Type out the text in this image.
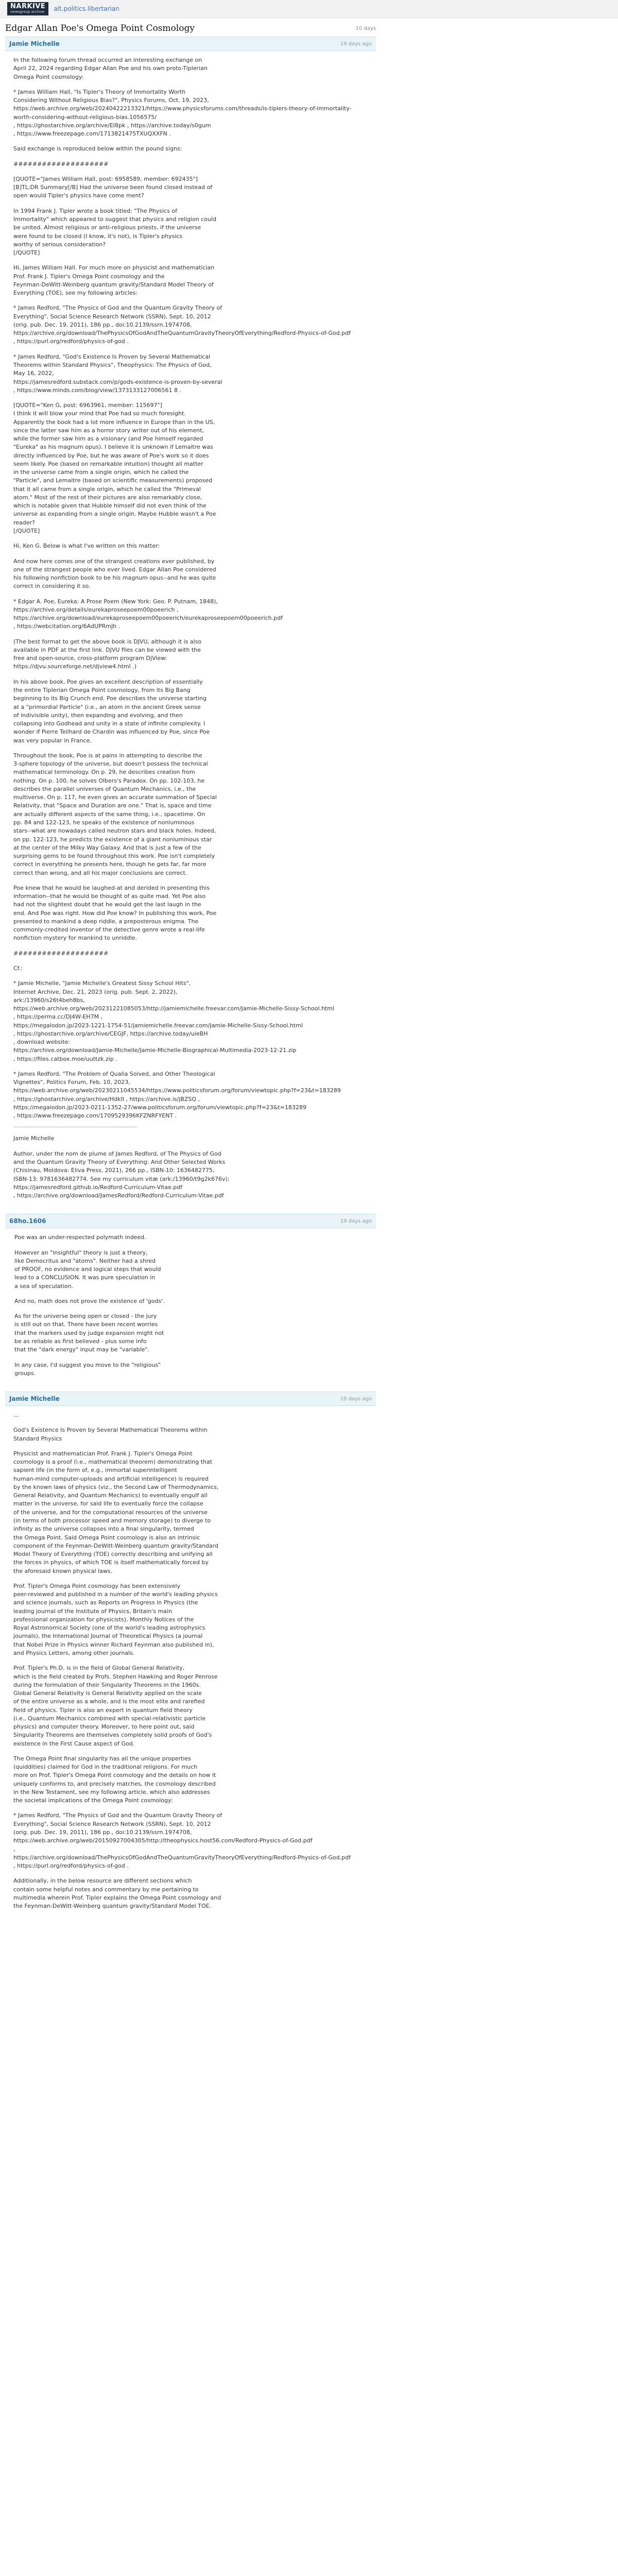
NARKIVE
newsgroup archive alt.politics.libertarian
Edgar Allan Poe's Omega Point Cosmology	10 days
Jamie Michelle	19 days ago

In the following forum thread occurred an interesting exchange on
April 22, 2024 regarding Edgar Allan Poe and his own proto-Tiplerian
Omega Point cosmology:

* James William Hall, "Is Tipler's Theory of Immortality Worth
Considering Without Religious Bias?", Physics Forums, Oct. 19, 2023,
https://web.archive.org/web/20240422213321/https://www.physicsforums.com/threads/is-tiplers-theory-of-immortality-worth-considering-without-religious-bias.1056575/
, https://ghostarchive.org/archive/EI8pk , https://archive.today/s0gum
, https://www.freezepage.com/1713821475TXUQXXFN .

Said exchange is reproduced below within the pound signs:

####################

[QUOTE="James William Hall, post: 6958589, member: 692435"]
[B]TL;DR Summary[/B] Had the universe been found closed instead of
open would Tipler's physics have come ment?

In 1994 Frank J. Tipler wrote a book titled: "The Physics of
Immortality" which appeared to suggest that physics and religion could
be united. Almost religious or anti-religious priests, if the universe
were found to be closed (I know, it's not), is Tipler's physics
worthy of serious consideration?
[/QUOTE]

Hi, James William Hall. For much more on physicist and mathematician
Prof. Frank J. Tipler's Omega Point cosmology and the
Feynman-DeWitt-Weinberg quantum gravity/Standard Model Theory of
Everything (TOE), see my following articles:

* James Redford, "The Physics of God and the Quantum Gravity Theory of
Everything", Social Science Research Network (SSRN), Sept. 10, 2012
(orig. pub. Dec. 19, 2011), 186 pp., doi:10.2139/ssrn.1974708,
https://archive.org/download/ThePhysicsOfGodAndTheQuantumGravityTheoryOfEverything/Redford-Physics-of-God.pdf
, https://purl.org/redford/physics-of-god .

* James Redford, "God's Existence Is Proven by Several Mathematical
Theorems within Standard Physics", Theophysics: The Physics of God,
May 16, 2022,
https://jamesredford.substack.com/p/gods-existence-is-proven-by-several
, https://www.minds.com/blog/view/1373133127006561 8 .

[QUOTE="Ken G, post: 6963961, member: 115697"]
I think it will blow your mind that Poe had so much foresight.
Apparently the book had a lot more influence in Europe than in the US,
since the latter saw him as a horror story writer out of his element,
while the former saw him as a visionary (and Poe himself regarded
"Eureka" as his magnum opus). I believe it is unknown if Lemaitre was
directly influenced by Poe, but he was aware of Poe's work so it does
seem likely. Poe (based on remarkable intuition) thought all matter
in the universe came from a single origin, which he called the
"Particle", and Lemaitre (based on scientific measurements) proposed
that it all came from a single origin, which he called the "Primeval
atom." Most of the rest of their pictures are also remarkably close,
which is notable given that Hubble himself did not even think of the
universe as expanding from a single origin. Maybe Hubble wasn't a Poe
reader?
[/QUOTE]

Hi, Ken G. Below is what I've written on this matter:

And now here comes one of the strangest creations ever published, by
one of the strangest people who ever lived. Edgar Allan Poe considered
his following nonfiction book to be his magnum opus--and he was quite
correct in considering it so.

* Edgar A. Poe, Eureka: A Prose Poem (New York: Geo. P. Putnam, 1848),
https://archive.org/details/eurekaproseepoem00poeerich ,
https://archive.org/download/eurekaproseepoem00poeerich/eurekaproseepoem00poeerich.pdf
, https://webcitation.org/6AdUPRmJh .

(The best format to get the above book is DJVU, although it is also
available in PDF at the first link. DJVU files can be viewed with the
free and open-source, cross-platform program DjView:
https://djvu.sourceforge.net/djview4.html .)

In his above book, Poe gives an excellent description of essentially
the entire Tiplerian Omega Point cosmology, from its Big Bang
beginning to its Big Crunch end. Poe describes the universe starting
at a "primordial Particle" (i.e., an atom in the ancient Greek sense
of indivisible unity), then expanding and evolving, and then
collapsing into Godhead and unity in a state of infinite complexity. I
wonder if Pierre Teilhard de Chardin was influenced by Poe, since Poe
was very popular in France.

Throughout the book, Poe is at pains in attempting to describe the
3-sphere topology of the universe, but doesn't possess the technical
mathematical terminology. On p. 29, he describes creation from
nothing. On p. 100, he solves Olbers's Paradox. On pp. 102-103, he
describes the parallel universes of Quantum Mechanics, i.e., the
multiverse. On p. 117, he even gives an accurate summation of Special
Relativity, that "Space and Duration are one." That is, space and time
are actually different aspects of the same thing, i.e., spacetime. On
pp. 84 and 122-123, he speaks of the existence of nonluminous
stars--what are nowadays called neutron stars and black holes. Indeed,
on pp. 122-123, he predicts the existence of a giant nonluminous star
at the center of the Milky Way Galaxy. And that is just a few of the
surprising gems to be found throughout this work. Poe isn't completely
correct in everything he presents here, though he gets far, far more
correct than wrong, and all his major conclusions are correct.

Poe knew that he would be laughed-at and derided in presenting this
information--that he would be thought of as quite mad. Yet Poe also
had not the slightest doubt that he would get the last laugh in the
end. And Poe was right. How did Poe know? In publishing this work, Poe
presented to mankind a deep riddle, a preposterous enigma. The
commonly-credited inventor of the detective genre wrote a real-life
nonfiction mystery for mankind to unriddle.

####################

Cf.:

* Jamie Michelle, "Jamie Michelle's Greatest Sissy School Hits",
Internet Archive, Dec. 21, 2023 (orig. pub. Sept. 2, 2022),
ark:/13960/s26t4beh8bs,
https://web.archive.org/web/20231221085053/http://jamiemichelle.freevar.com/Jamie-Michelle-Sissy-School.html
, https://perma.cc/DJ4W-EH7M ,
https://megalodon.jp/2023-1221-1754-51/jamiemichelle.freevar.com/Jamie-Michelle-Sissy-School.html
, https://ghostarchive.org/archive/CEGJF, https://archive.today/uieBH
, download website:
https://archive.org/download/Jamie-Michelle/Jamie-Michelle-Biographical-Multimedia-2023-12-21.zip
, https://files.catbox.moe/uuttzk.zip .

* James Redford, "The Problem of Qualia Solved, and Other Theological
Vignettes", Politics Forum, Feb. 10, 2023,
https://web.archive.org/web/20230211045534/https://www.politicsforum.org/forum/viewtopic.php?f=23&t=183289
, https://ghostarchive.org/archive/HdkII , https://archive.is/jBZSQ ,
https://megalodon.jp/2023-0211-1352-27/www.politicsforum.org/forum/viewtopic.php?f=23&t=183289
, https://www.freezepage.com/1709529396KFZNRFYENT .

Jamie Michelle

Author, under the nom de plume of James Redford, of The Physics of God
and the Quantum Gravity Theory of Everything: And Other Selected Works
(Chisinau, Moldova: Eliva Press, 2021), 266 pp., ISBN-10: 1636482775,
ISBN-13: 9781636482774. See my curriculum vitæ (ark:/13960/t9g2k676v):
https://jamesredford.github.io/Redford-Curriculum-Vitae.pdf
, https://archive.org/download/JamesRedford/Redford-Curriculum-Vitae.pdf

68ho.1606	19 days ago

Poe was an under-respected polymath indeed.

However an "insightful" theory is just a theory,
like Democritus and "atoms". Neither had a shred
of PROOF, no evidence and logical steps that would
lead to a CONCLUSION. It was pure speculation in
a sea of speculation.

And no, math does not prove the existence of 'gods'.

As for the universe being open or closed - the jury
is still out on that. There have been recent worries
that the markers used by judge expansion might not
be as reliable as first believed - plus some info
that the "dark energy" input may be "variable".

In any case, I'd suggest you move to the "religious"
groups.

Jamie Michelle	19 days ago

...

God's Existence Is Proven by Several Mathematical Theorems within
Standard Physics

Physicist and mathematician Prof. Frank J. Tipler's Omega Point
cosmology is a proof (i.e., mathematical theorem) demonstrating that
sapient life (in the form of, e.g., immortal superintelligent
human-mind computer-uploads and artificial intelligence) is required
by the known laws of physics (viz., the Second Law of Thermodynamics,
General Relativity, and Quantum Mechanics) to eventually engulf all
matter in the universe, for said life to eventually force the collapse
of the universe, and for the computational resources of the universe
(in terms of both processor speed and memory storage) to diverge to
infinity as the universe collapses into a final singularity, termed
the Omega Point. Said Omega Point cosmology is also an intrinsic
component of the Feynman-DeWitt-Weinberg quantum gravity/Standard
Model Theory of Everything (TOE) correctly describing and unifying all
the forces in physics, of which TOE is itself mathematically forced by
the aforesaid known physical laws.

Prof. Tipler's Omega Point cosmology has been extensively
peer-reviewed and published in a number of the world's leading physics
and science journals, such as Reports on Progress in Physics (the
leading journal of the Institute of Physics, Britain's main
professional organization for physicists), Monthly Notices of the
Royal Astronomical Society (one of the world's leading astrophysics
journals), the International Journal of Theoretical Physics (a journal
that Nobel Prize in Physics winner Richard Feynman also published in),
and Physics Letters, among other journals.

Prof. Tipler's Ph.D. is in the field of Global General Relativity,
which is the field created by Profs. Stephen Hawking and Roger Penrose
during the formulation of their Singularity Theorems in the 1960s.
Global General Relativity is General Relativity applied on the scale
of the entire universe as a whole, and is the most elite and rarefied
field of physics. Tipler is also an expert in quantum field theory
(i.e., Quantum Mechanics combined with special-relativistic particle
physics) and computer theory. Moreover, to here point out, said
Singularity Theorems are themselves completely solid proofs of God's
existence in the First Cause aspect of God.

The Omega Point final singularity has all the unique properties
(quiddities) claimed for God in the traditional religions. For much
more on Prof. Tipler's Omega Point cosmology and the details on how it
uniquely conforms to, and precisely matches, the cosmology described
in the New Testament, see my following article, which also addresses
the societal implications of the Omega Point cosmology:

* James Redford, "The Physics of God and the Quantum Gravity Theory of
Everything", Social Science Research Network (SSRN), Sept. 10, 2012
(orig. pub. Dec. 19, 2011), 186 pp., doi:10.2139/ssrn.1974708,
https://web.archive.org/web/20150927004305/http://theophysics.host56.com/Redford-Physics-of-God.pdf
,
https://archive.org/download/ThePhysicsOfGodAndTheQuantumGravityTheoryOfEverything/Redford-Physics-of-God.pdf
, https://purl.org/redford/physics-of-god .

Additionally, in the below resource are different sections which
contain some helpful notes and commentary by me pertaining to
multimedia wherein Prof. Tipler explains the Omega Point cosmology and
the Feynman-DeWitt-Weinberg quantum gravity/Standard Model TOE.
